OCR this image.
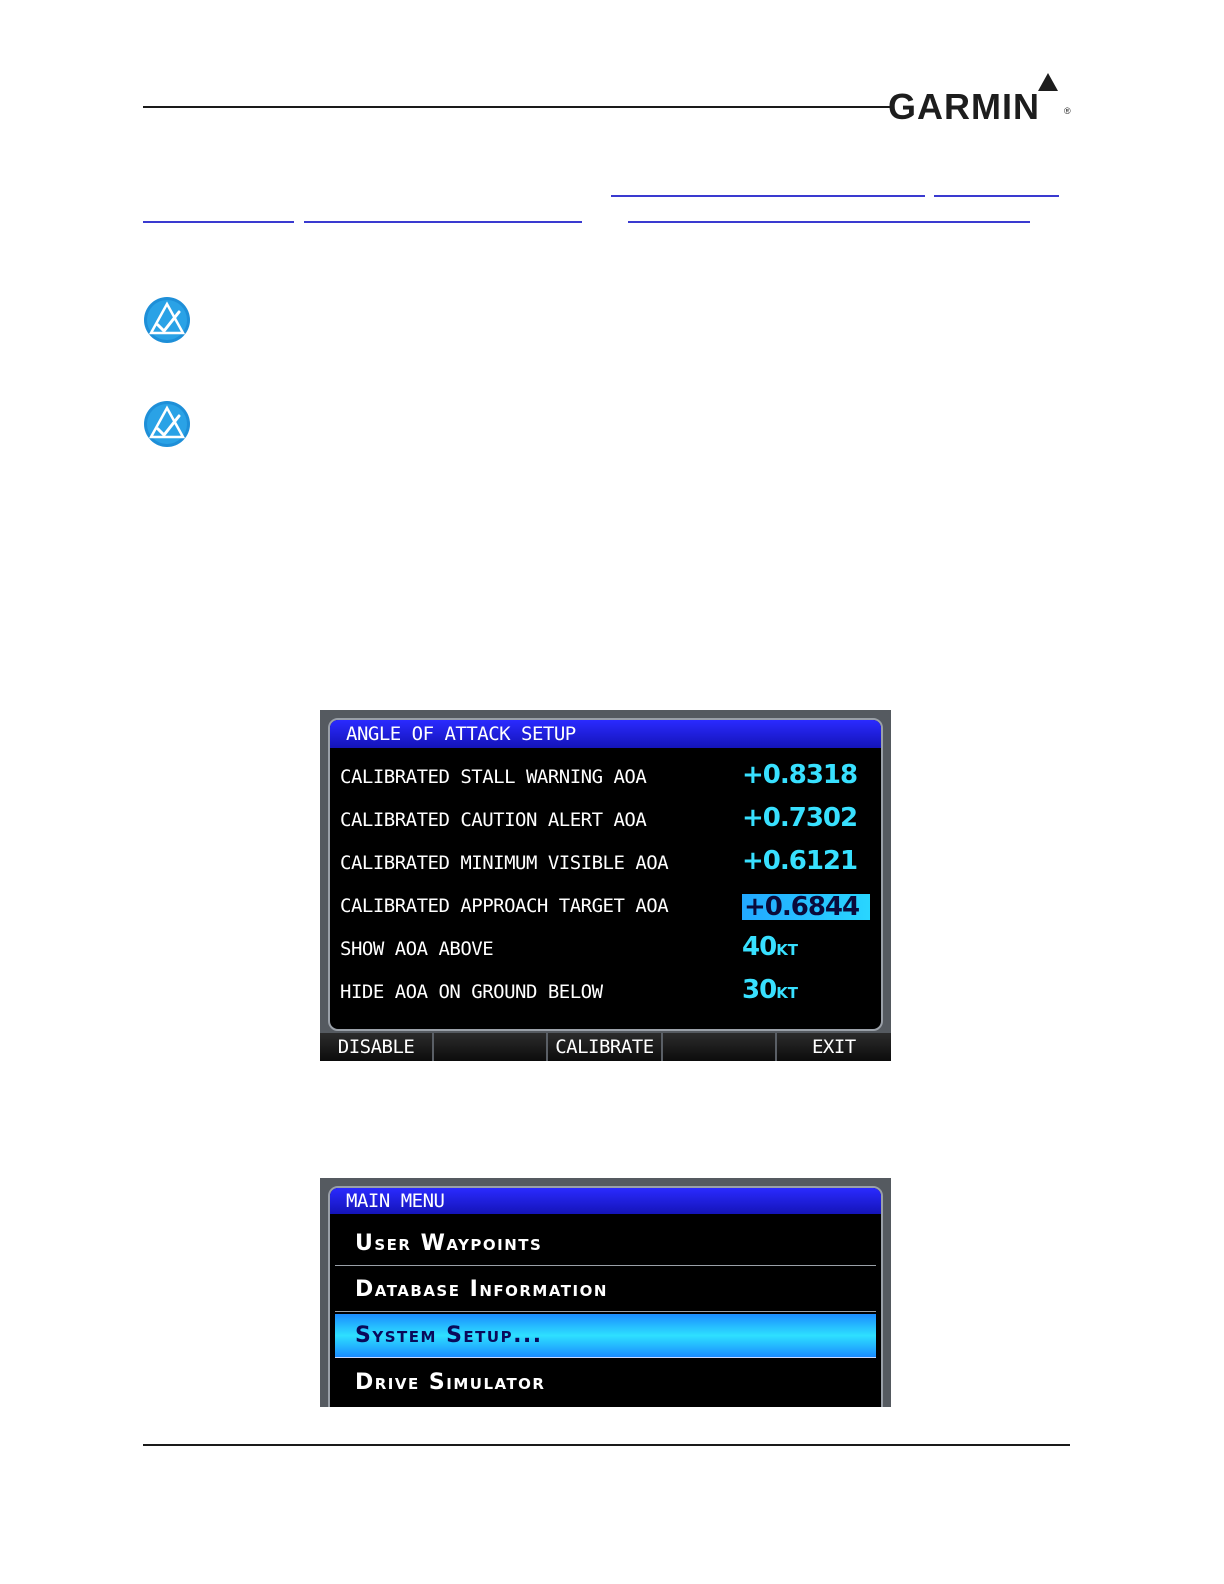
GARMIN	®
ANGLE OF ATTACK SETUP
CALIBRATED STALL WARNING AOA	+0.8318
CALIBRATED CAUTION ALERT AOA	+0.7302
CALIBRATED MINIMUM VISIBLE AOA	+0.6121
CALIBRATED APPROACH TARGET AOA	+0.6844
SHOW AOA ABOVE	40KT
HIDE AOA ON GROUND BELOW	30KT
DISABLE	CALIBRATE	EXIT
MAIN MENU
User Waypoints
Database Information
System Setup...
Drive Simulator
